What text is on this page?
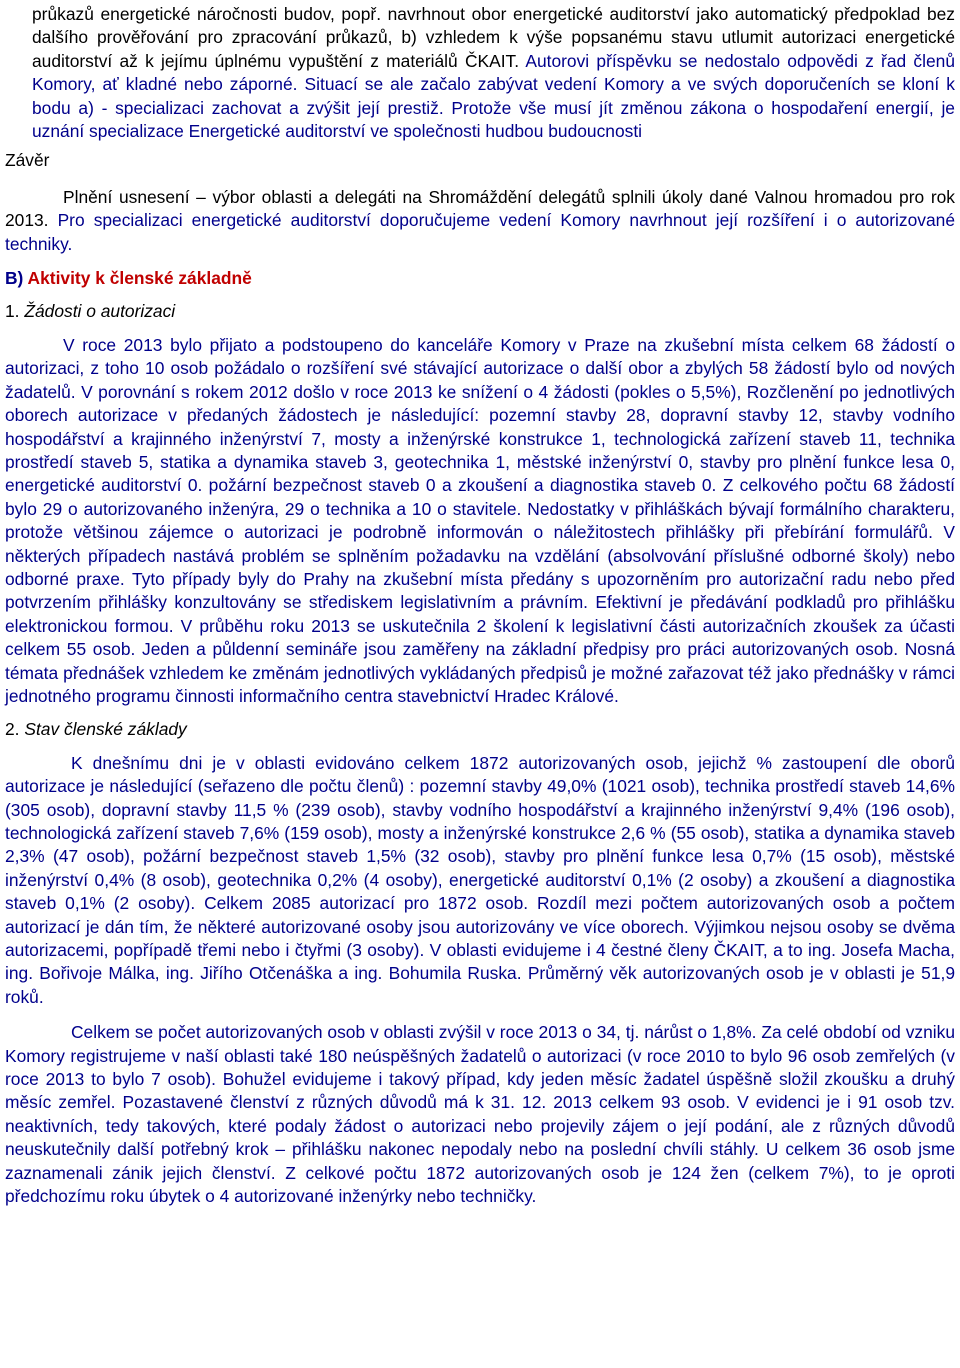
průkazů energetické náročnosti budov, popř. navrhnout obor energetické auditorství jako automatický předpoklad bez dalšího prověřování pro zpracování průkazů, b) vzhledem k výše popsanému stavu utlumit autorizaci energetické auditorství až k jejímu úplnému vypuštění z materiálů ČKAIT. Autorovi příspěvku se nedostalo odpovědi z řad členů Komory, ať kladné nebo záporné. Situací se ale začalo zabývat vedení Komory a ve svých doporučeních se kloní k bodu a) - specializaci zachovat a zvýšit její prestiž. Protože vše musí jít změnou zákona o hospodaření energií, je uznání specializace Energetické auditorství ve společnosti hudbou budoucnosti

Závěr

Plnění usnesení – výbor oblasti a delegáti na Shromáždění delegátů splnili úkoly dané Valnou hromadou pro rok 2013. Pro specializaci energetické auditorství doporučujeme vedení Komory navrhnout její rozšíření i o autorizované techniky.

B) Aktivity k členské základně

1. Žádosti o autorizaci

V roce 2013 bylo přijato a podstoupeno do kanceláře Komory v Praze na zkušební místa celkem 68 žádostí o autorizaci, z toho 10 osob požádalo o rozšíření své stávající autorizace o další obor a zbylých 58 žádostí bylo od nových žadatelů. V porovnání s rokem 2012 došlo v roce 2013 ke snížení o 4 žádosti (pokles o 5,5%), Rozčlenění po jednotlivých oborech autorizace v předaných žádostech je následující: pozemní stavby 28, dopravní stavby 12, stavby vodního hospodářství a krajinného inženýrství 7, mosty a inženýrské konstrukce 1, technologická zařízení staveb 11, technika prostředí staveb 5, statika a dynamika staveb 3, geotechnika 1, městské inženýrství 0, stavby pro plnění funkce lesa 0, energetické auditorství 0. požární bezpečnost staveb 0 a zkoušení a diagnostika staveb 0. Z celkového počtu 68 žádostí bylo 29 o autorizovaného inženýra, 29 o technika a 10 o stavitele. Nedostatky v přihláškách bývají formálního charakteru, protože většinou zájemce o autorizaci je podrobně informován o náležitostech přihlášky při přebírání formulářů. V některých případech nastává problém se splněním požadavku na vzdělání (absolvování příslušné odborné školy) nebo odborné praxe. Tyto případy byly do Prahy na zkušební místa předány s upozorněním pro autorizační radu nebo před potvrzením přihlášky konzultovány se střediskem legislativním a právním. Efektivní je předávání podkladů pro přihlášku elektronickou formou. V průběhu roku 2013 se uskutečnila 2 školení k legislativní části autorizačních zkoušek za účasti celkem 55 osob. Jeden a půldenní semináře jsou zaměřeny na základní předpisy pro práci autorizovaných osob. Nosná témata přednášek vzhledem ke změnám jednotlivých vykládaných předpisů je možné zařazovat též jako přednášky v rámci jednotného programu činnosti informačního centra stavebnictví Hradec Králové.

2. Stav členské základy

K dnešnímu dni je v oblasti evidováno celkem 1872 autorizovaných osob, jejichž % zastoupení dle oborů autorizace je následující (seřazeno dle počtu členů) : pozemní stavby 49,0% (1021 osob), technika prostředí staveb 14,6% (305 osob), dopravní stavby 11,5 % (239 osob), stavby vodního hospodářství a krajinného inženýrství 9,4% (196 osob), technologická zařízení staveb 7,6% (159 osob), mosty a inženýrské konstrukce 2,6 % (55 osob), statika a dynamika staveb 2,3% (47 osob), požární bezpečnost staveb 1,5% (32 osob), stavby pro plnění funkce lesa 0,7% (15 osob), městské inženýrství 0,4% (8 osob), geotechnika 0,2% (4 osoby), energetické auditorství 0,1% (2 osoby) a zkoušení a diagnostika staveb 0,1% (2 osoby). Celkem 2085 autorizací pro 1872 osob. Rozdíl mezi počtem autorizovaných osob a počtem autorizací je dán tím, že některé autorizované osoby jsou autorizovány ve více oborech. Výjimkou nejsou osoby se dvěma autorizacemi, popřípadě třemi nebo i čtyřmi (3 osoby). V oblasti evidujeme i 4 čestné členy ČKAIT, a to ing. Josefa Macha, ing. Bořivoje Málka, ing. Jiřího Otčenáška a ing. Bohumila Ruska. Průměrný věk autorizovaných osob je v oblasti je 51,9 roků.

Celkem se počet autorizovaných osob v oblasti zvýšil v roce 2013 o 34, tj. nárůst o 1,8%. Za celé období od vzniku Komory registrujeme v naší oblasti také 180 neúspěšných žadatelů o autorizaci (v roce 2010 to bylo 96 osob zemřelých (v roce 2013 to bylo 7 osob). Bohužel evidujeme i takový případ, kdy jeden měsíc žadatel úspěšně složil zkoušku a druhý měsíc zemřel. Pozastavené členství z různých důvodů má k 31. 12. 2013 celkem 93 osob. V evidenci je i 91 osob tzv. neaktivních, tedy takových, které podaly žádost o autorizaci nebo projevily zájem o její podání, ale z různých důvodů neuskutečnily další potřebný krok – přihlášku nakonec nepodaly nebo na poslední chvíli stáhly. U celkem 36 osob jsme zaznamenali zánik jejich členství. Z celkové počtu 1872 autorizovaných osob je 124 žen (celkem 7%), to je oproti předchozímu roku úbytek o 4 autorizované inženýrky nebo techničky.
